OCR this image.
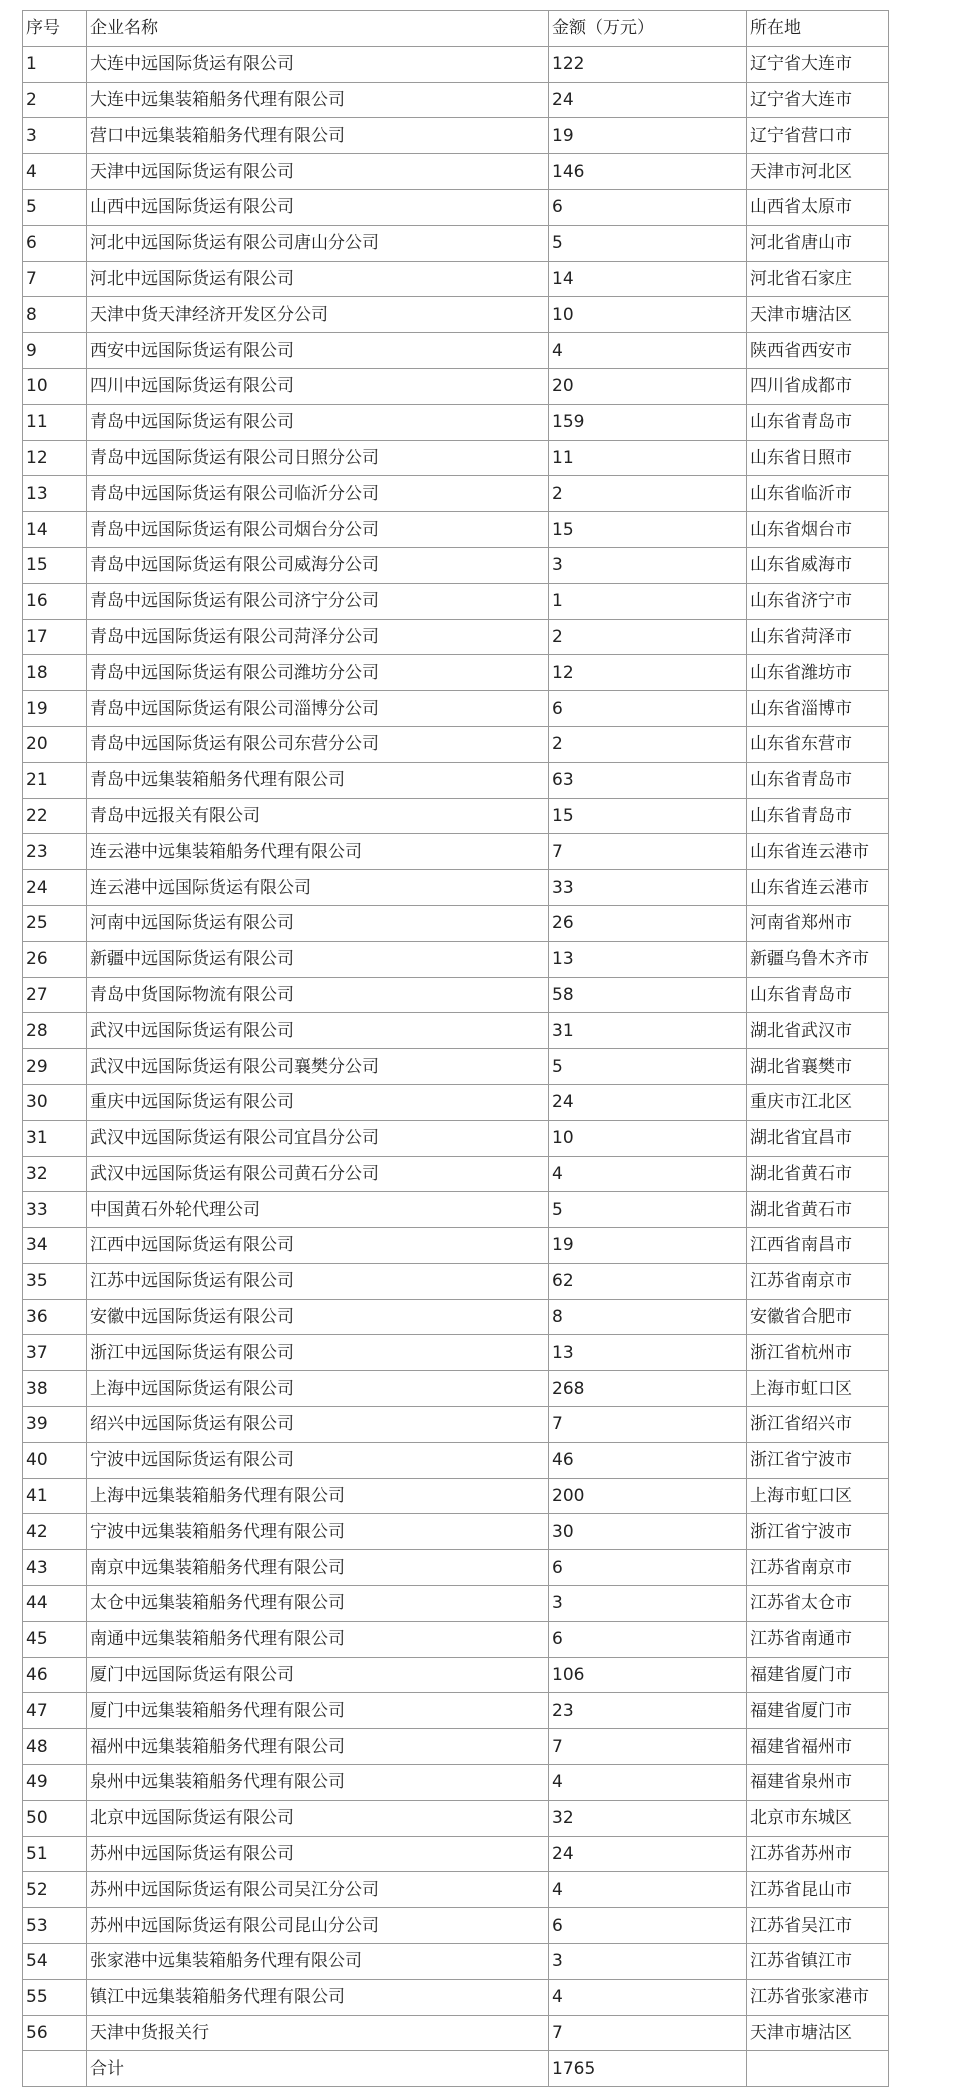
序号	企业名称	金额（万元）	所在地
1	大连中远国际货运有限公司	122	辽宁省大连市
2	大连中远集装箱船务代理有限公司	24	辽宁省大连市
3	营口中远集装箱船务代理有限公司	19	辽宁省营口市
4	天津中远国际货运有限公司	146	天津市河北区
5	山西中远国际货运有限公司	6	山西省太原市
6	河北中远国际货运有限公司唐山分公司	5	河北省唐山市
7	河北中远国际货运有限公司	14	河北省石家庄
8	天津中货天津经济开发区分公司	10	天津市塘沽区
9	西安中远国际货运有限公司	4	陕西省西安市
10	四川中远国际货运有限公司	20	四川省成都市
11	青岛中远国际货运有限公司	159	山东省青岛市
12	青岛中远国际货运有限公司日照分公司	11	山东省日照市
13	青岛中远国际货运有限公司临沂分公司	2	山东省临沂市
14	青岛中远国际货运有限公司烟台分公司	15	山东省烟台市
15	青岛中远国际货运有限公司威海分公司	3	山东省威海市
16	青岛中远国际货运有限公司济宁分公司	1	山东省济宁市
17	青岛中远国际货运有限公司菏泽分公司	2	山东省菏泽市
18	青岛中远国际货运有限公司潍坊分公司	12	山东省潍坊市
19	青岛中远国际货运有限公司淄博分公司	6	山东省淄博市
20	青岛中远国际货运有限公司东营分公司	2	山东省东营市
21	青岛中远集装箱船务代理有限公司	63	山东省青岛市
22	青岛中远报关有限公司	15	山东省青岛市
23	连云港中远集装箱船务代理有限公司	7	山东省连云港市
24	连云港中远国际货运有限公司	33	山东省连云港市
25	河南中远国际货运有限公司	26	河南省郑州市
26	新疆中远国际货运有限公司	13	新疆乌鲁木齐市
27	青岛中货国际物流有限公司	58	山东省青岛市
28	武汉中远国际货运有限公司	31	湖北省武汉市
29	武汉中远国际货运有限公司襄樊分公司	5	湖北省襄樊市
30	重庆中远国际货运有限公司	24	重庆市江北区
31	武汉中远国际货运有限公司宜昌分公司	10	湖北省宜昌市
32	武汉中远国际货运有限公司黄石分公司	4	湖北省黄石市
33	中国黄石外轮代理公司	5	湖北省黄石市
34	江西中远国际货运有限公司	19	江西省南昌市
35	江苏中远国际货运有限公司	62	江苏省南京市
36	安徽中远国际货运有限公司	8	安徽省合肥市
37	浙江中远国际货运有限公司	13	浙江省杭州市
38	上海中远国际货运有限公司	268	上海市虹口区
39	绍兴中远国际货运有限公司	7	浙江省绍兴市
40	宁波中远国际货运有限公司	46	浙江省宁波市
41	上海中远集装箱船务代理有限公司	200	上海市虹口区
42	宁波中远集装箱船务代理有限公司	30	浙江省宁波市
43	南京中远集装箱船务代理有限公司	6	江苏省南京市
44	太仓中远集装箱船务代理有限公司	3	江苏省太仓市
45	南通中远集装箱船务代理有限公司	6	江苏省南通市
46	厦门中远国际货运有限公司	106	福建省厦门市
47	厦门中远集装箱船务代理有限公司	23	福建省厦门市
48	福州中远集装箱船务代理有限公司	7	福建省福州市
49	泉州中远集装箱船务代理有限公司	4	福建省泉州市
50	北京中远国际货运有限公司	32	北京市东城区
51	苏州中远国际货运有限公司	24	江苏省苏州市
52	苏州中远国际货运有限公司吴江分公司	4	江苏省昆山市
53	苏州中远国际货运有限公司昆山分公司	6	江苏省吴江市
54	张家港中远集装箱船务代理有限公司	3	江苏省镇江市
55	镇江中远集装箱船务代理有限公司	4	江苏省张家港市
56	天津中货报关行	7	天津市塘沽区
	合计	1765	
